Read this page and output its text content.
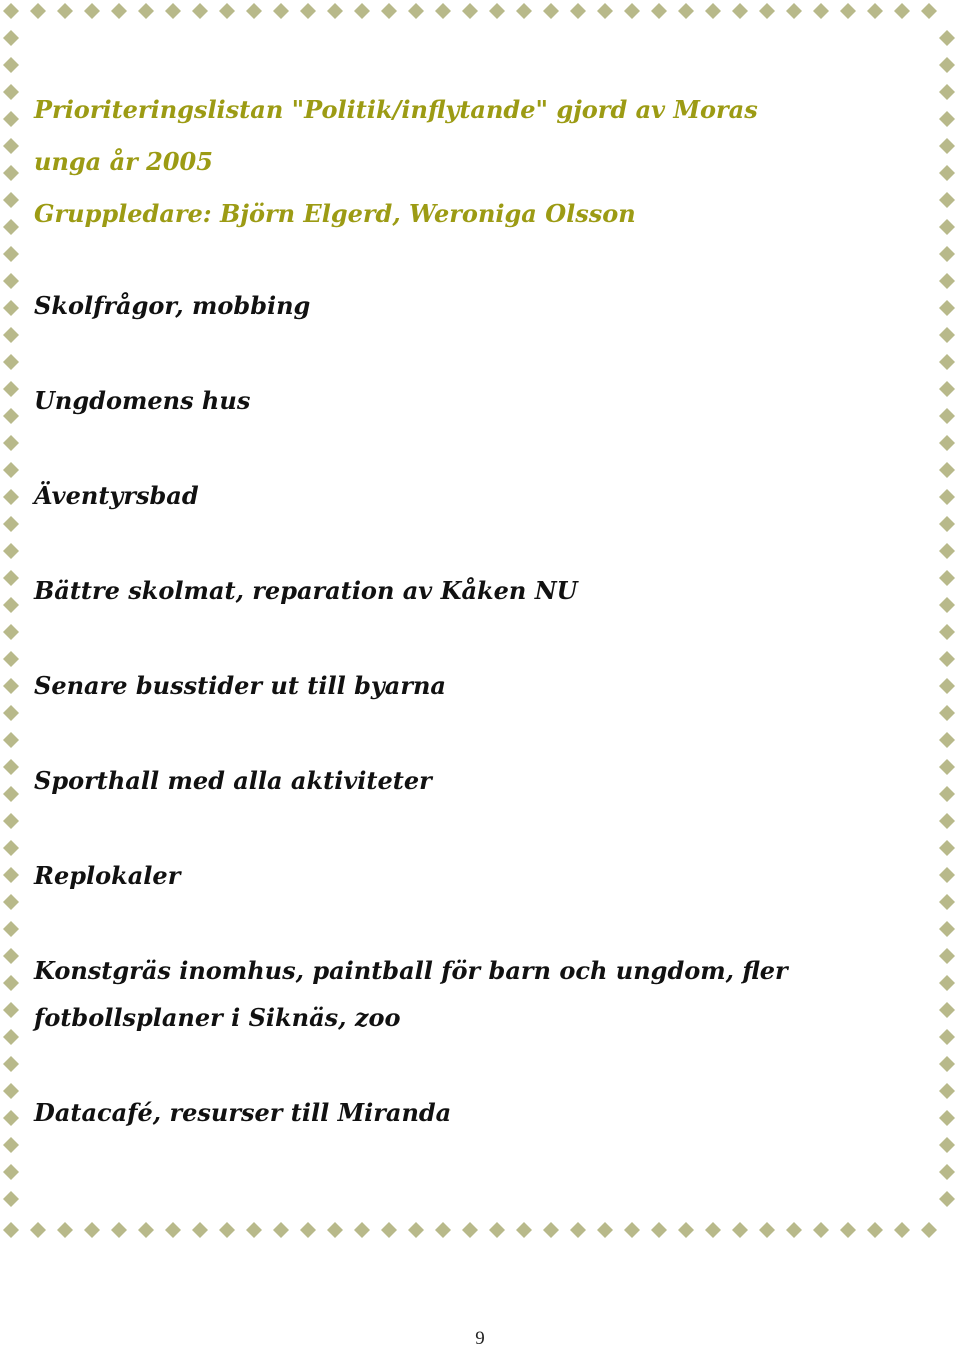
Prioriteringslistan "Politik/inflytande" gjord av Moras
unga år 2005
Gruppledare: Björn Elgerd, Weroniga Olsson
Skolfrågor, mobbing
Ungdomens hus
Äventyrsbad
Bättre skolmat, reparation av Kåken NU
Senare busstider ut till byarna
Sporthall med alla aktiviteter
Replokaler
Konstgräs inomhus, paintball för barn och ungdom, fler
fotbollsplaner i Siknäs, zoo
Datacafé, resurser till Miranda
9
